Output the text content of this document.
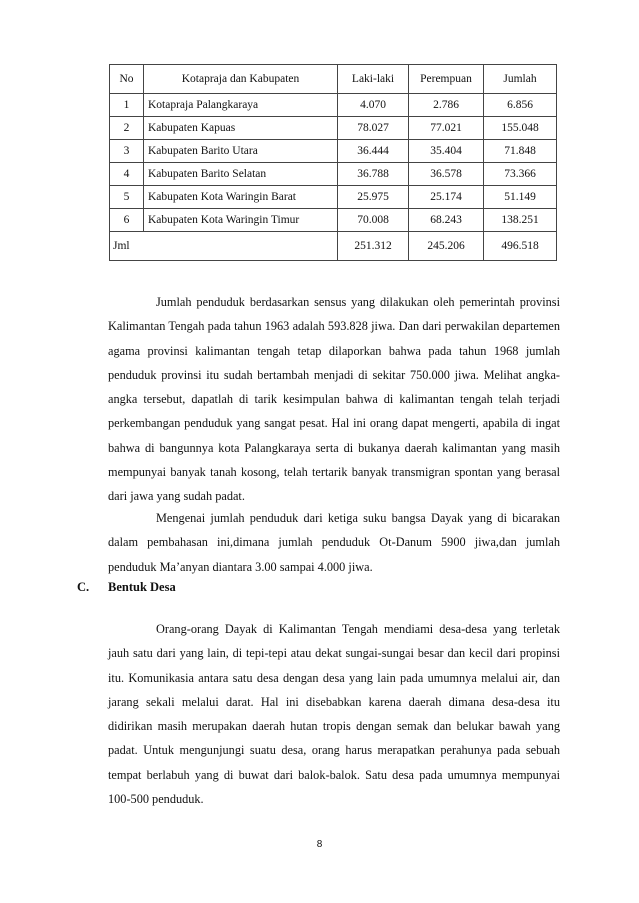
No	Kotapraja dan Kabupaten	Laki-laki	Perempuan	Jumlah
1	Kotapraja Palangkaraya	4.070	2.786	6.856
2	Kabupaten Kapuas	78.027	77.021	155.048
3	Kabupaten Barito Utara	36.444	35.404	71.848
4	Kabupaten Barito Selatan	36.788	36.578	73.366
5	Kabupaten Kota Waringin Barat	25.975	25.174	51.149
6	Kabupaten Kota Waringin Timur	70.008	68.243	138.251
Jml		251.312	245.206	496.518

Jumlah penduduk berdasarkan sensus yang dilakukan oleh pemerintah provinsi Kalimantan Tengah pada tahun 1963 adalah 593.828 jiwa. Dan dari perwakilan departemen agama provinsi kalimantan tengah tetap dilaporkan bahwa pada tahun 1968 jumlah penduduk provinsi itu sudah bertambah menjadi di sekitar 750.000 jiwa. Melihat angka-angka tersebut, dapatlah di tarik kesimpulan bahwa di kalimantan tengah telah terjadi perkembangan penduduk yang sangat pesat. Hal ini orang dapat mengerti, apabila di ingat bahwa di bangunnya kota Palangkaraya serta di bukanya daerah kalimantan yang masih mempunyai banyak tanah kosong, telah tertarik banyak transmigran spontan yang berasal dari jawa yang sudah padat.

Mengenai jumlah penduduk dari ketiga suku bangsa Dayak yang di bicarakan dalam pembahasan ini,dimana jumlah penduduk Ot-Danum 5900 jiwa,dan jumlah penduduk Ma’anyan diantara 3.00 sampai 4.000 jiwa.

C. Bentuk Desa

Orang-orang Dayak di Kalimantan Tengah mendiami desa-desa yang terletak jauh satu dari yang lain, di tepi-tepi atau dekat sungai-sungai besar dan kecil dari propinsi itu. Komunikasia antara satu desa dengan desa yang lain pada umumnya melalui air, dan jarang sekali melalui darat. Hal ini disebabkan karena daerah dimana desa-desa itu didirikan masih merupakan daerah hutan tropis dengan semak dan belukar bawah yang padat. Untuk mengunjungi suatu desa, orang harus merapatkan perahunya pada sebuah tempat berlabuh yang di buwat dari balok-balok. Satu desa pada umumnya mempunyai 100-500 penduduk.

8
